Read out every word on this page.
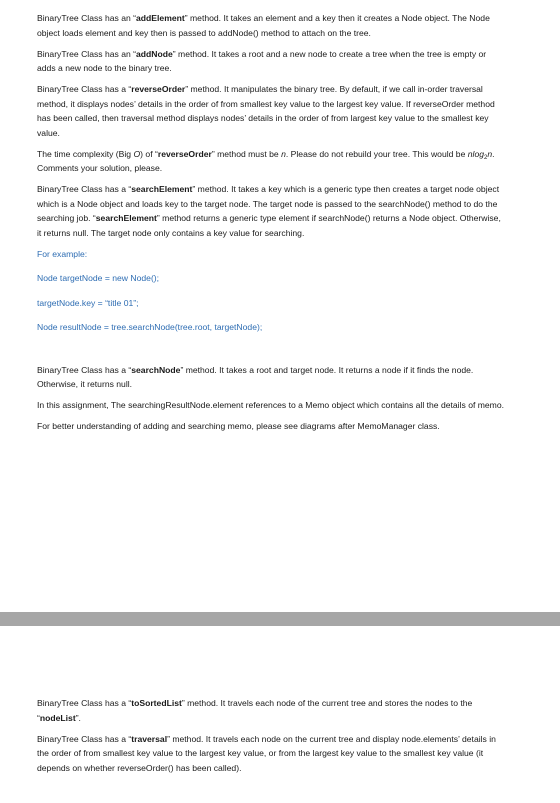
BinaryTree Class has an “addElement” method. It takes an element and a key then it creates a Node object. The Node object loads element and key then is passed to addNode() method to attach on the tree.

BinaryTree Class has an “addNode” method. It takes a root and a new node to create a tree when the tree is empty or adds a new node to the binary tree.

BinaryTree Class has a “reverseOrder” method. It manipulates the binary tree. By default, if we call in-order traversal method, it displays nodes’ details in the order of from smallest key value to the largest key value. If reverseOrder method has been called, then traversal method displays nodes’ details in the order of from largest key value to the smallest key value.

The time complexity (Big O) of “reverseOrder” method must be n. Please do not rebuild your tree. This would be nlog$_2$n. Comments your solution, please.

BinaryTree Class has a “searchElement” method. It takes a key which is a generic type then creates a target node object which is a Node object and loads key to the target node. The target node is passed to the searchNode() method to do the searching job. “searchElement” method returns a generic type element if searchNode() returns a Node object. Otherwise, it returns null. The target node only contains a key value for searching.

For example:

Node targetNode = new Node();

targetNode.key = “title 01”;

Node resultNode = tree.searchNode(tree.root, targetNode);

BinaryTree Class has a “searchNode” method. It takes a root and target node. It returns a node if it finds the node. Otherwise, it returns null.

In this assignment, The searchingResultNode.element references to a Memo object which contains all the details of memo.

For better understanding of adding and searching memo, please see diagrams after MemoManager class.

BinaryTree Class has a “toSortedList” method. It travels each node of the current tree and stores the nodes to the “nodeList”.

BinaryTree Class has a “traversal” method. It travels each node on the current tree and display node.elements’ details in the order of from smallest key value to the largest key value, or from the largest key value to the smallest key value (it depends on whether reverseOrder() has been called).
